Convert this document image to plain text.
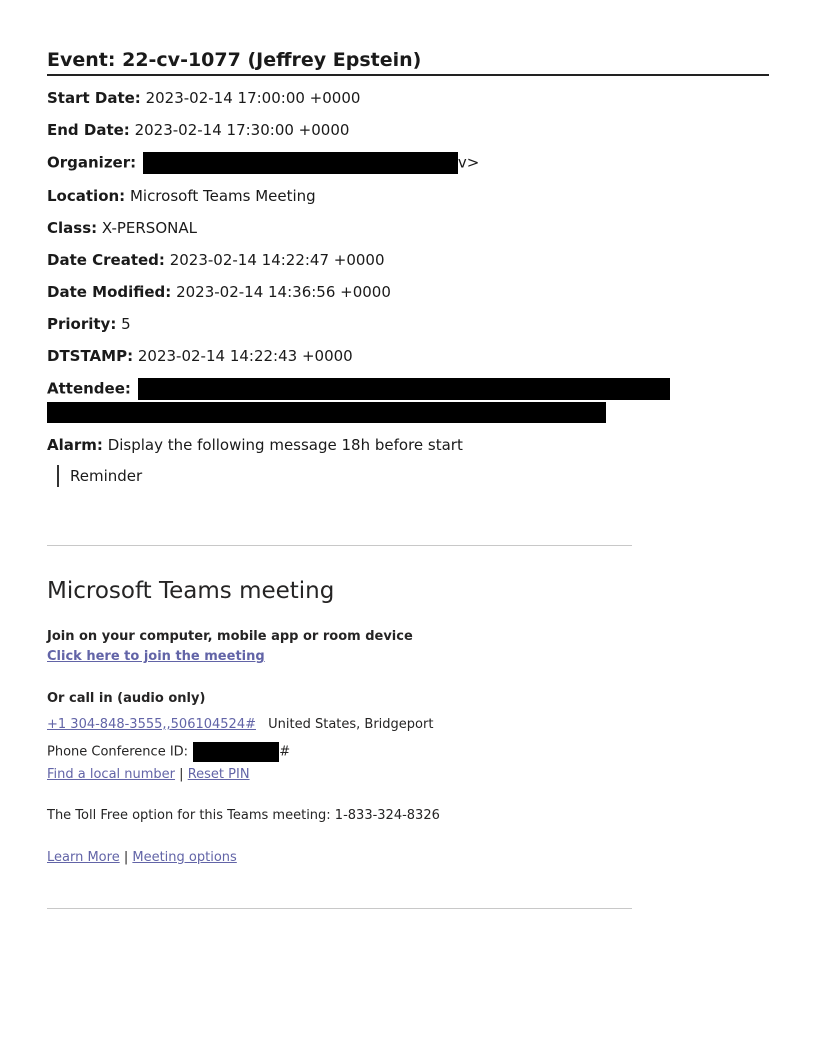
Event: 22-cv-1077 (Jeffrey Epstein)
Start Date: 2023-02-14 17:00:00 +0000
End Date: 2023-02-14 17:30:00 +0000
Organizer:	v>
Location: Microsoft Teams Meeting
Class: X-PERSONAL
Date Created: 2023-02-14 14:22:47 +0000
Date Modified: 2023-02-14 14:36:56 +0000
Priority: 5
DTSTAMP: 2023-02-14 14:22:43 +0000
Attendee:
Alarm: Display the following message 18h before start
Reminder
Microsoft Teams meeting
Join on your computer, mobile app or room device
Click here to join the meeting
Or call in (audio only)
+1 304-848-3555,,506104524# United States, Bridgeport
Phone Conference ID:	#
Find a local number | Reset PIN
The Toll Free option for this Teams meeting: 1-833-324-8326
Learn More | Meeting options
